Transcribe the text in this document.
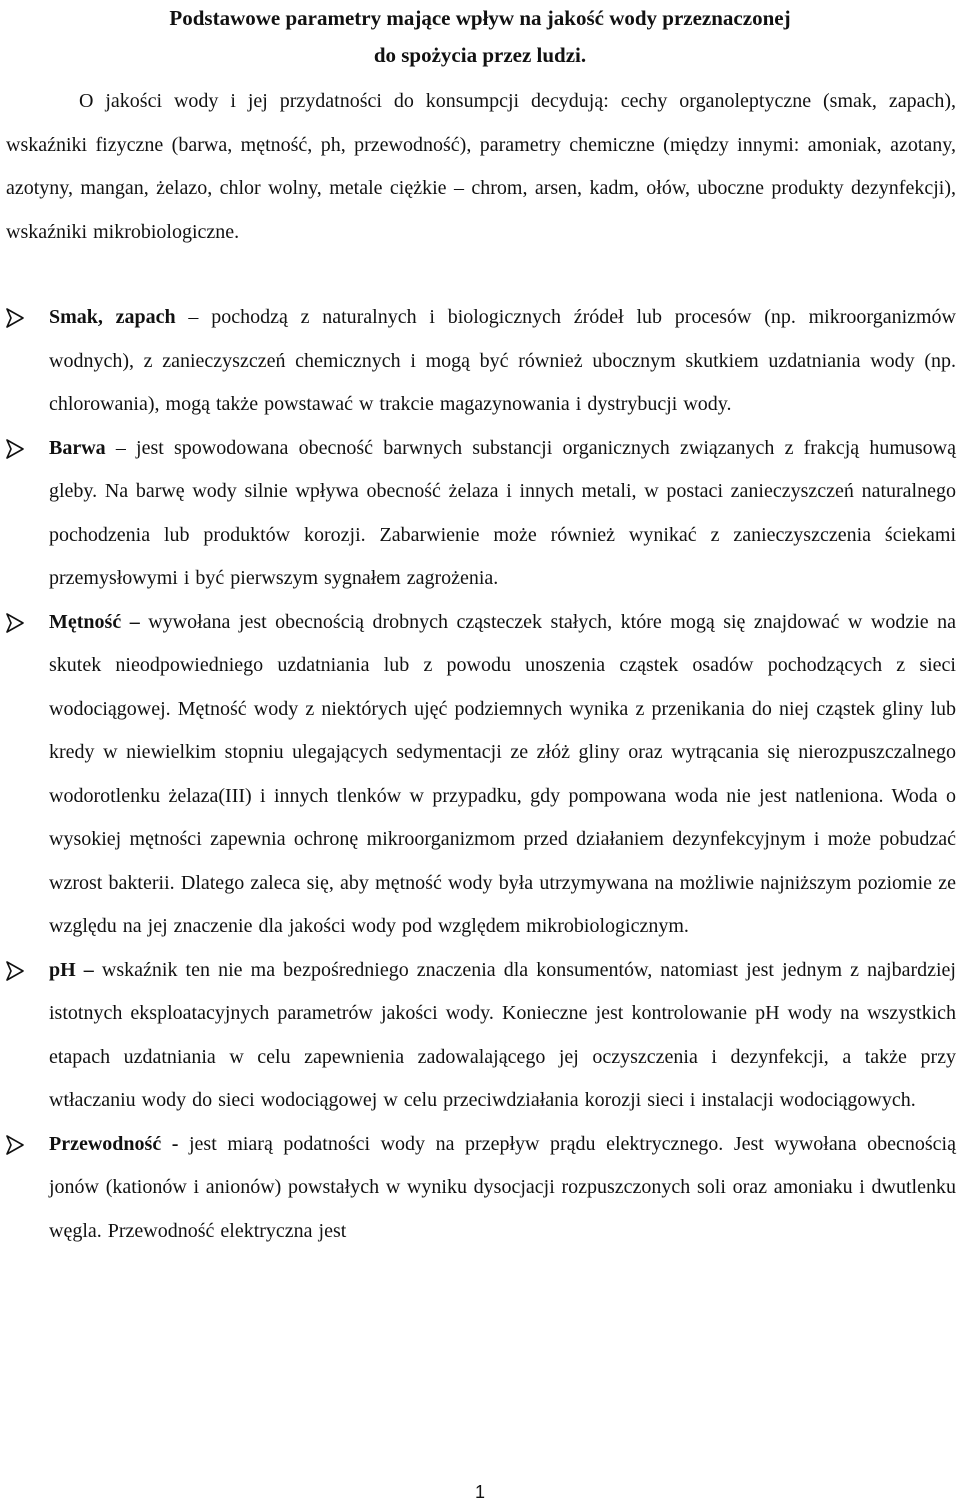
Podstawowe parametry mające wpływ na jakość wody przeznaczonej
do spożycia przez ludzi.

O jakości wody i jej przydatności do konsumpcji decydują: cechy organoleptyczne (smak, zapach), wskaźniki fizyczne (barwa, mętność, ph, przewodność), parametry chemiczne (między innymi: amoniak, azotany, azotyny, mangan, żelazo, chlor wolny, metale ciężkie – chrom, arsen, kadm, ołów, uboczne produkty dezynfekcji), wskaźniki mikrobiologiczne.

Smak, zapach – pochodzą z naturalnych i biologicznych źródeł lub procesów (np. mikroorganizmów wodnych), z zanieczyszczeń chemicznych i mogą być również ubocznym skutkiem uzdatniania wody (np. chlorowania), mogą także powstawać w trakcie magazynowania i dystrybucji wody.
Barwa – jest spowodowana obecność barwnych substancji organicznych związanych z frakcją humusową gleby. Na barwę wody silnie wpływa obecność żelaza i innych metali, w postaci zanieczyszczeń naturalnego pochodzenia lub produktów korozji. Zabarwienie może również wynikać z zanieczyszczenia ściekami przemysłowymi i być pierwszym sygnałem zagrożenia.
Mętność – wywołana jest obecnością drobnych cząsteczek stałych, które mogą się znajdować w wodzie na skutek nieodpowiedniego uzdatniania lub z powodu unoszenia cząstek osadów pochodzących z sieci wodociągowej. Mętność wody z niektórych ujęć podziemnych wynika z przenikania do niej cząstek gliny lub kredy w niewielkim stopniu ulegających sedymentacji ze złóż gliny oraz wytrącania się nierozpuszczalnego wodorotlenku żelaza(III) i innych tlenków w przypadku, gdy pompowana woda nie jest natleniona. Woda o wysokiej mętności zapewnia ochronę mikroorganizmom przed działaniem dezynfekcyjnym i może pobudzać wzrost bakterii. Dlatego zaleca się, aby mętność wody była utrzymywana na możliwie najniższym poziomie ze względu na jej znaczenie dla jakości wody pod względem mikrobiologicznym.
pH – wskaźnik ten nie ma bezpośredniego znaczenia dla konsumentów, natomiast jest jednym z najbardziej istotnych eksploatacyjnych parametrów jakości wody. Konieczne jest kontrolowanie pH wody na wszystkich etapach uzdatniania w celu zapewnienia zadowalającego jej oczyszczenia i dezynfekcji, a także przy wtłaczaniu wody do sieci wodociągowej w celu przeciwdziałania korozji sieci i instalacji wodociągowych.
Przewodność - jest miarą podatności wody na przepływ prądu elektrycznego. Jest wywołana obecnością jonów (kationów i anionów) powstałych w wyniku dysocjacji rozpuszczonych soli oraz amoniaku i dwutlenku węgla. Przewodność elektryczna jest
1
